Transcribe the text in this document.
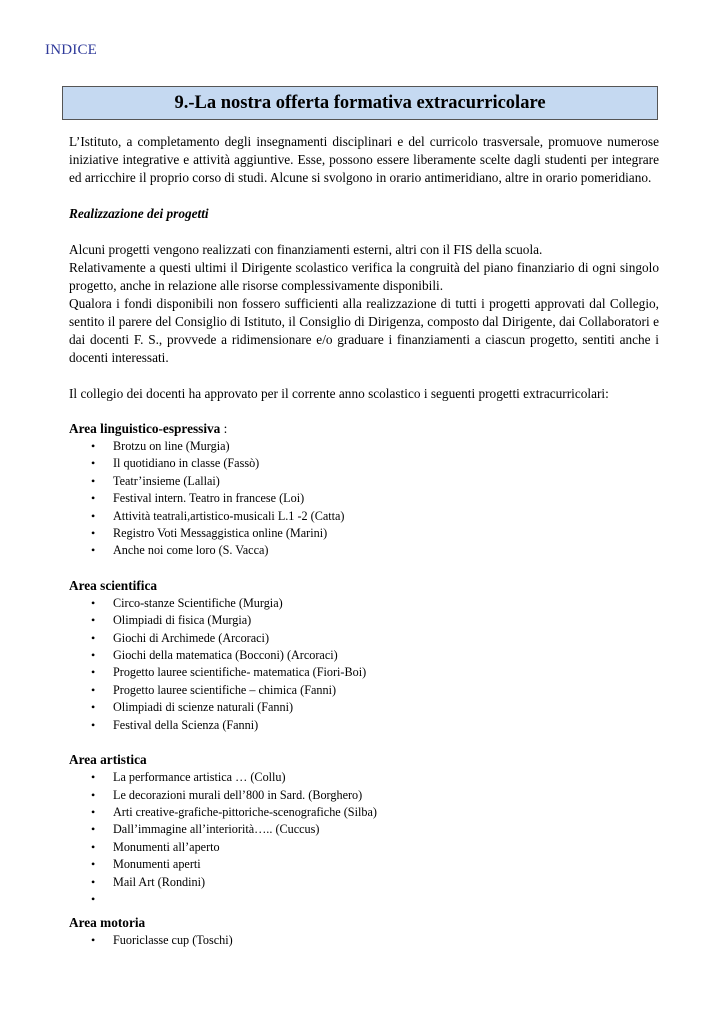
INDICE
9.-La nostra offerta formativa extracurricolare

L’Istituto, a completamento degli insegnamenti disciplinari e del curricolo trasversale, promuove numerose iniziative integrative e attività aggiuntive. Esse, possono essere liberamente scelte dagli studenti per integrare ed arricchire il proprio corso di studi. Alcune si svolgono in orario antimeridiano, altre in orario pomeridiano.

Realizzazione dei progetti

Alcuni progetti vengono realizzati con finanziamenti esterni, altri con il FIS della scuola.

Relativamente a questi ultimi il Dirigente scolastico verifica la congruità del piano finanziario di ogni singolo progetto, anche in relazione alle risorse complessivamente disponibili.

Qualora i fondi disponibili non fossero sufficienti alla realizzazione di tutti i progetti approvati dal Collegio, sentito il parere del Consiglio di Istituto, il Consiglio di Dirigenza, composto dal Dirigente, dai Collaboratori e dai docenti F. S., provvede a ridimensionare e/o graduare i finanziamenti a ciascun progetto, sentiti anche i docenti interessati.

Il collegio dei docenti ha approvato per il corrente anno scolastico i seguenti progetti extracurricolari:

Area linguistico-espressiva :
• Brotzu on line (Murgia)
• Il quotidiano in classe (Fassò)
• Teatr’insieme (Lallai)
• Festival intern. Teatro in francese (Loi)
• Attività teatrali,artistico-musicali L.1 -2 (Catta)
• Registro Voti Messaggistica online (Marini)
• Anche noi come loro (S. Vacca)
Area scientifica
• Circo-stanze Scientifiche (Murgia)
• Olimpiadi di fisica (Murgia)
• Giochi di Archimede (Arcoraci)
• Giochi della matematica (Bocconi) (Arcoraci)
• Progetto lauree scientifiche- matematica (Fiori-Boi)
• Progetto lauree scientifiche – chimica (Fanni)
• Olimpiadi di scienze naturali (Fanni)
• Festival della Scienza (Fanni)
Area artistica
• La performance artistica … (Collu)
• Le decorazioni murali dell’800 in Sard. (Borghero)
• Arti creative-grafiche-pittoriche-scenografiche (Silba)
• Dall’immagine all’interiorità….. (Cuccus)
• Monumenti all’aperto
• Monumenti aperti
• Mail Art (Rondini)
•
Area motoria
• Fuoriclasse cup (Toschi)
